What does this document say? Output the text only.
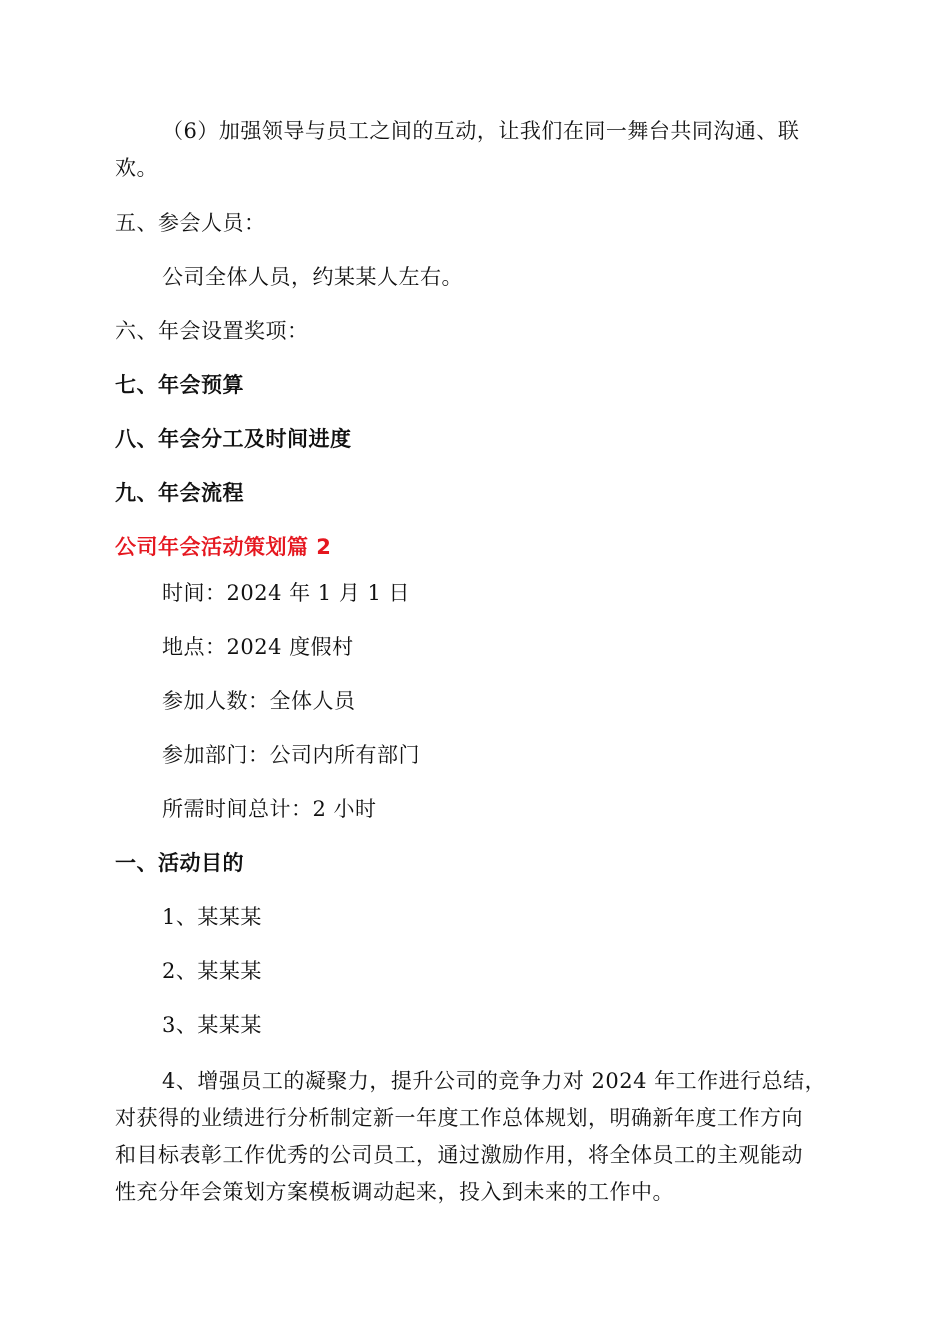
（6）加强领导与员工之间的互动，让我们在同一舞台共同沟通、联
欢。
五、参会人员：
公司全体人员，约某某人左右。
六、年会设置奖项：
七、年会预算
八、年会分工及时间进度
九、年会流程
公司年会活动策划篇 2
时间：2024 年 1 月 1 日
地点：2024 度假村
参加人数：全体人员
参加部门：公司内所有部门
所需时间总计：2 小时
一、活动目的
1、某某某
2、某某某
3、某某某
4、增强员工的凝聚力，提升公司的竞争力对 2024 年工作进行总结，
对获得的业绩进行分析制定新一年度工作总体规划，明确新年度工作方向
和目标表彰工作优秀的公司员工，通过激励作用，将全体员工的主观能动
性充分年会策划方案模板调动起来，投入到未来的工作中。
